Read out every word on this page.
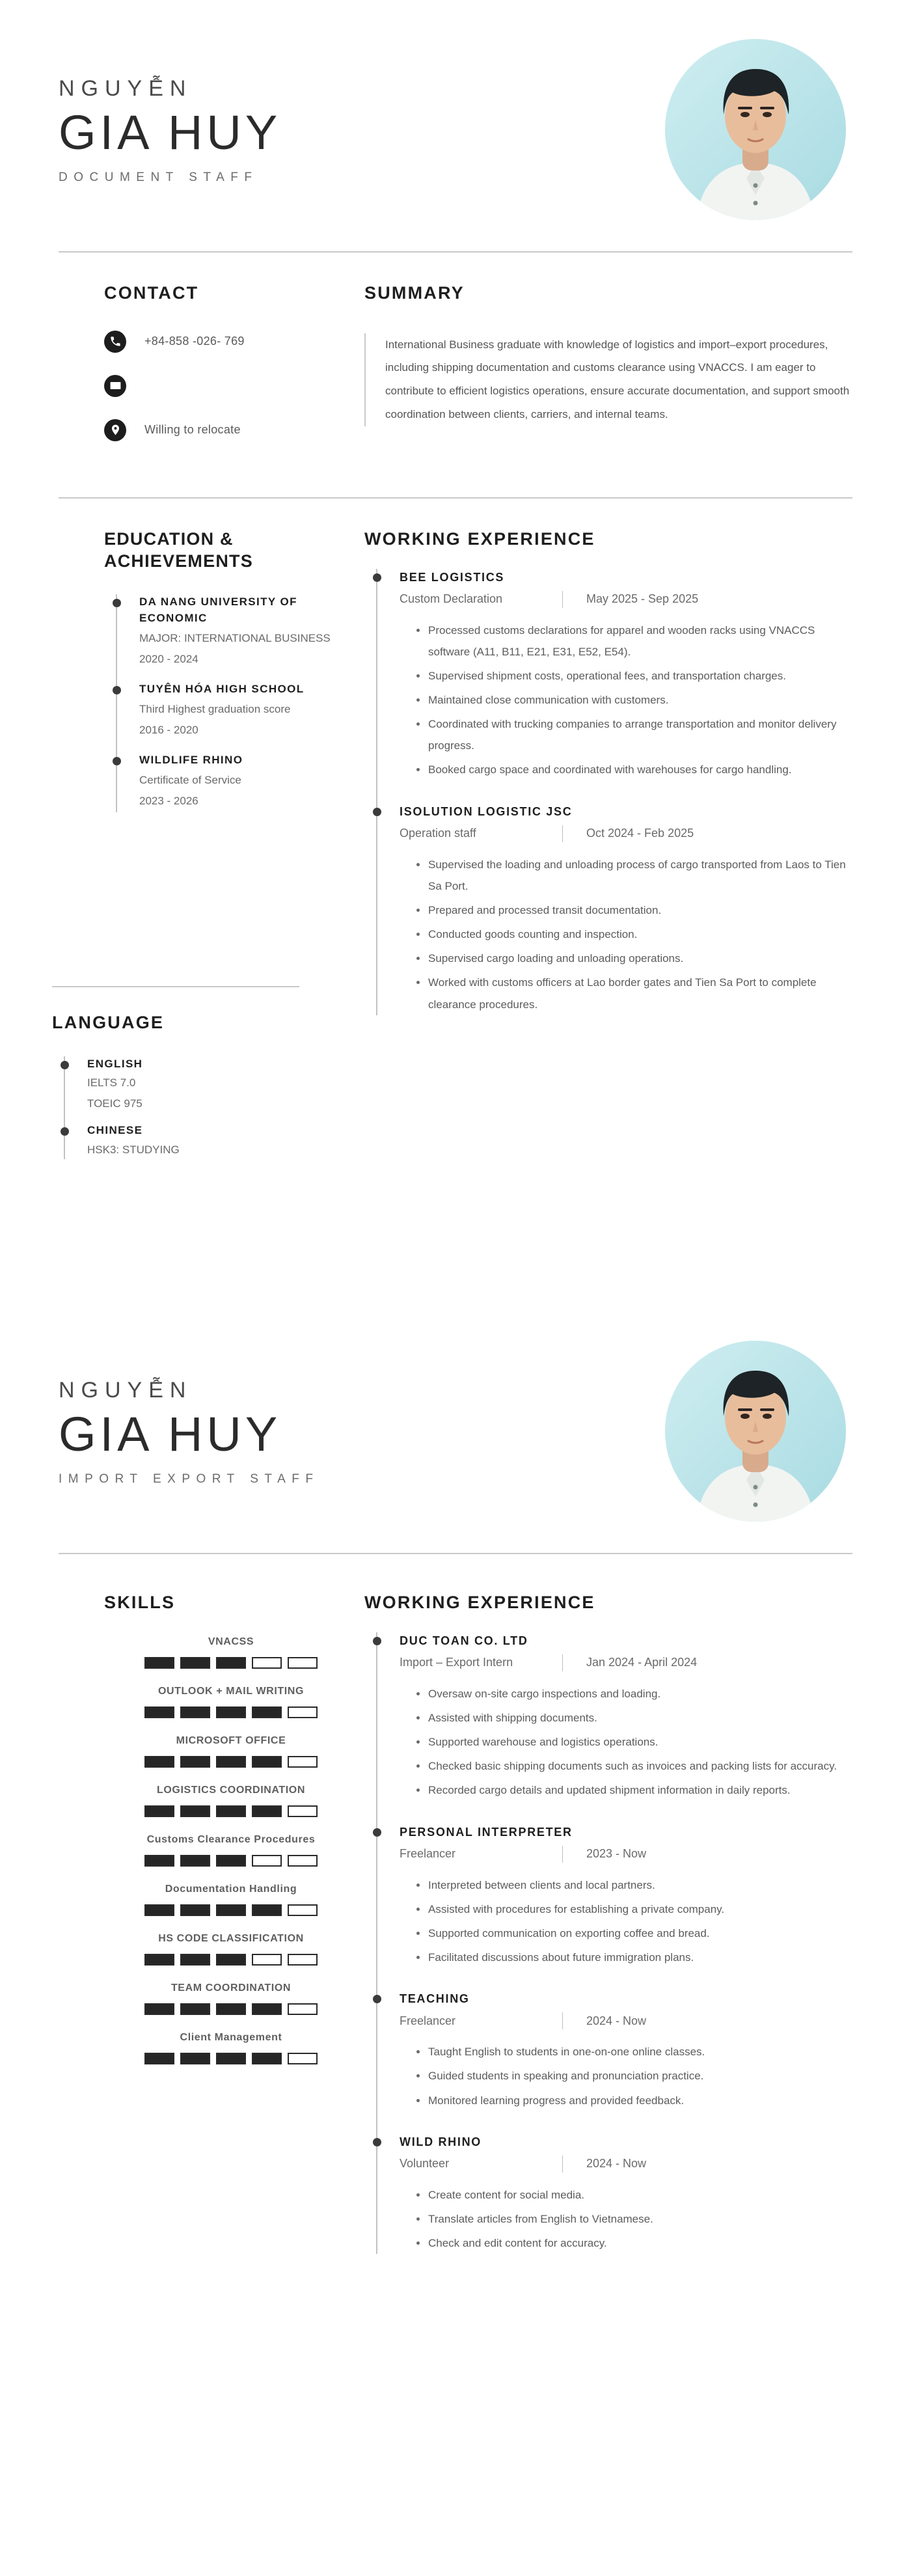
NGUYỄN
GIA HUY
DOCUMENT STAFF
CONTACT
+84-858 -026- 769
Willing to relocate
SUMMARY

International Business graduate with knowledge of logistics and import–export procedures, including shipping documentation and customs clearance using VNACCS. I am eager to contribute to efficient logistics operations, ensure accurate documentation, and support smooth coordination between clients, carriers, and internal teams.

EDUCATION & ACHIEVEMENTS
DA NANG UNIVERSITY OF ECONOMIC
MAJOR: INTERNATIONAL BUSINESS
2020 - 2024
TUYÊN HÓA HIGH SCHOOL
Third Highest graduation score
2016 - 2020
WILDLIFE RHINO
Certificate of Service
2023 - 2026
WORKING EXPERIENCE
BEE LOGISTICS
Custom Declaration	May 2025 - Sep 2025
Processed customs declarations for apparel and wooden racks using VNACCS software (A11, B11, E21, E31, E52, E54).
Supervised shipment costs, operational fees, and transportation charges.
Maintained close communication with customers.
Coordinated with trucking companies to arrange transportation and monitor delivery progress.
Booked cargo space and coordinated with warehouses for cargo handling.
ISOLUTION LOGISTIC JSC
Operation staff	Oct 2024 - Feb 2025
Supervised the loading and unloading process of cargo transported from Laos to Tien Sa Port.
Prepared and processed transit documentation.
Conducted goods counting and inspection.
Supervised cargo loading and unloading operations.
Worked with customs officers at Lao border gates and Tien Sa Port to complete clearance procedures.
LANGUAGE
ENGLISH
IELTS 7.0
TOEIC 975
CHINESE
HSK3: STUDYING
NGUYỄN
GIA HUY
IMPORT EXPORT STAFF
SKILLS
VNACSS
OUTLOOK + MAIL WRITING
MICROSOFT OFFICE
LOGISTICS COORDINATION
Customs Clearance Procedures
Documentation Handling
HS CODE CLASSIFICATION
TEAM COORDINATION
Client Management
WORKING EXPERIENCE
DUC TOAN CO. LTD
Import – Export Intern	Jan 2024 - April 2024
Oversaw on-site cargo inspections and loading.
Assisted with shipping documents.
Supported warehouse and logistics operations.
Checked basic shipping documents such as invoices and packing lists for accuracy.
Recorded cargo details and updated shipment information in daily reports.
PERSONAL INTERPRETER
Freelancer	2023 - Now
Interpreted between clients and local partners.
Assisted with procedures for establishing a private company.
Supported communication on exporting coffee and bread.
Facilitated discussions about future immigration plans.
TEACHING
Freelancer	2024 - Now
Taught English to students in one-on-one online classes.
Guided students in speaking and pronunciation practice.
Monitored learning progress and provided feedback.
WILD RHINO
Volunteer	2024 - Now
Create content for social media.
Translate articles from English to Vietnamese.
Check and edit content for accuracy.
